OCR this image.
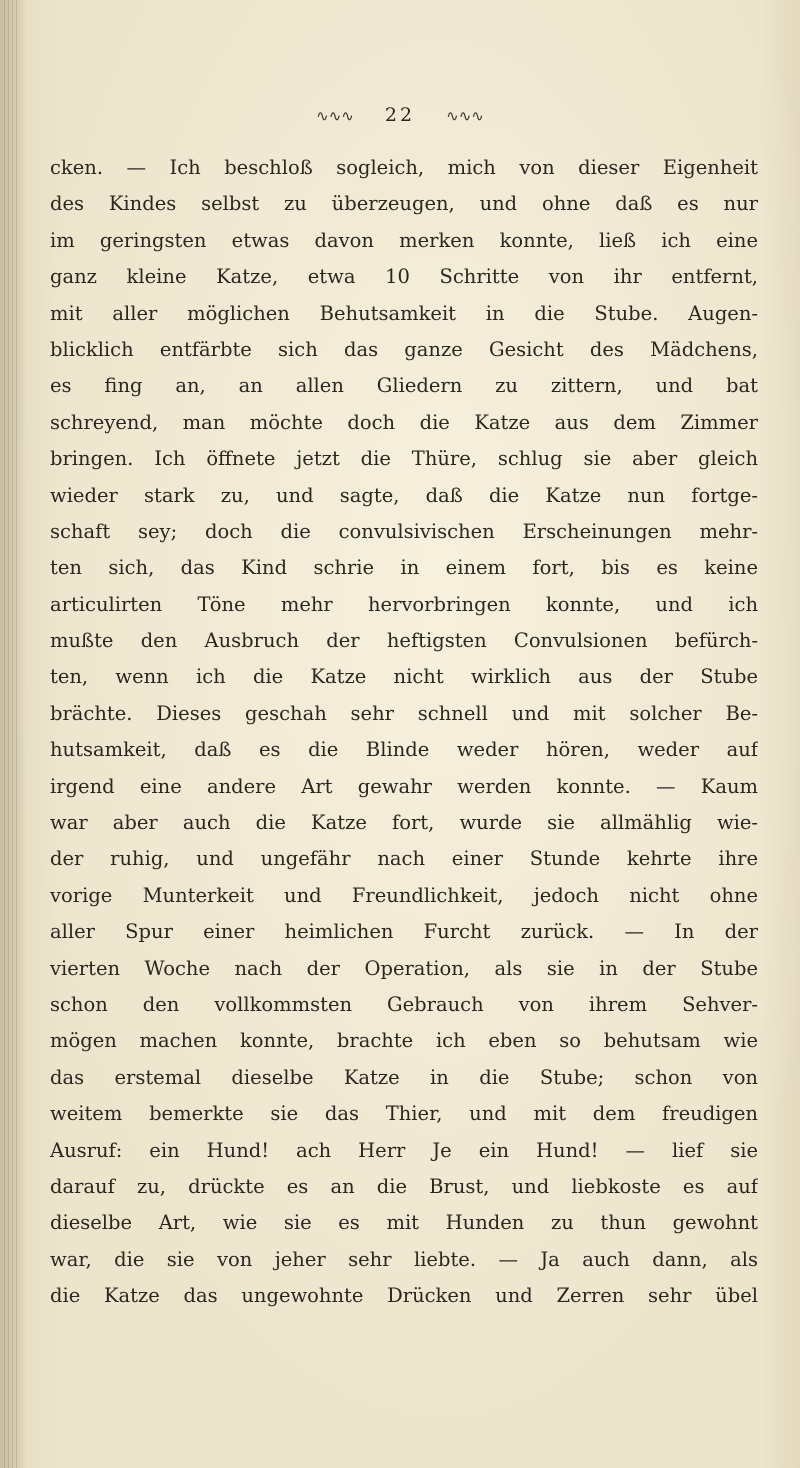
∿∿∿ 22 ∿∿∿
cken. — Ich beschloß sogleich, mich von dieser Eigenheit
des Kindes selbst zu überzeugen, und ohne daß es nur
im geringsten etwas davon merken konnte, ließ ich eine
ganz kleine Katze, etwa 10 Schritte von ihr entfernt,
mit aller möglichen Behutsamkeit in die Stube. Augen-
blicklich entfärbte sich das ganze Gesicht des Mädchens,
es fing an, an allen Gliedern zu zittern, und bat
schreyend, man möchte doch die Katze aus dem Zimmer
bringen. Ich öffnete jetzt die Thüre, schlug sie aber gleich
wieder stark zu, und sagte, daß die Katze nun fortge-
schaft sey; doch die convulsivischen Erscheinungen mehr-
ten sich, das Kind schrie in einem fort, bis es keine
articulirten Töne mehr hervorbringen konnte, und ich
mußte den Ausbruch der heftigsten Convulsionen befürch-
ten, wenn ich die Katze nicht wirklich aus der Stube
brächte. Dieses geschah sehr schnell und mit solcher Be-
hutsamkeit, daß es die Blinde weder hören, weder auf
irgend eine andere Art gewahr werden konnte. — Kaum
war aber auch die Katze fort, wurde sie allmählig wie-
der ruhig, und ungefähr nach einer Stunde kehrte ihre
vorige Munterkeit und Freundlichkeit, jedoch nicht ohne
aller Spur einer heimlichen Furcht zurück. — In der
vierten Woche nach der Operation, als sie in der Stube
schon den vollkommsten Gebrauch von ihrem Sehver-
mögen machen konnte, brachte ich eben so behutsam wie
das erstemal dieselbe Katze in die Stube; schon von
weitem bemerkte sie das Thier, und mit dem freudigen
Ausruf: ein Hund! ach Herr Je ein Hund! — lief sie
darauf zu, drückte es an die Brust, und liebkoste es auf
dieselbe Art, wie sie es mit Hunden zu thun gewohnt
war, die sie von jeher sehr liebte. — Ja auch dann, als
die Katze das ungewohnte Drücken und Zerren sehr übel
